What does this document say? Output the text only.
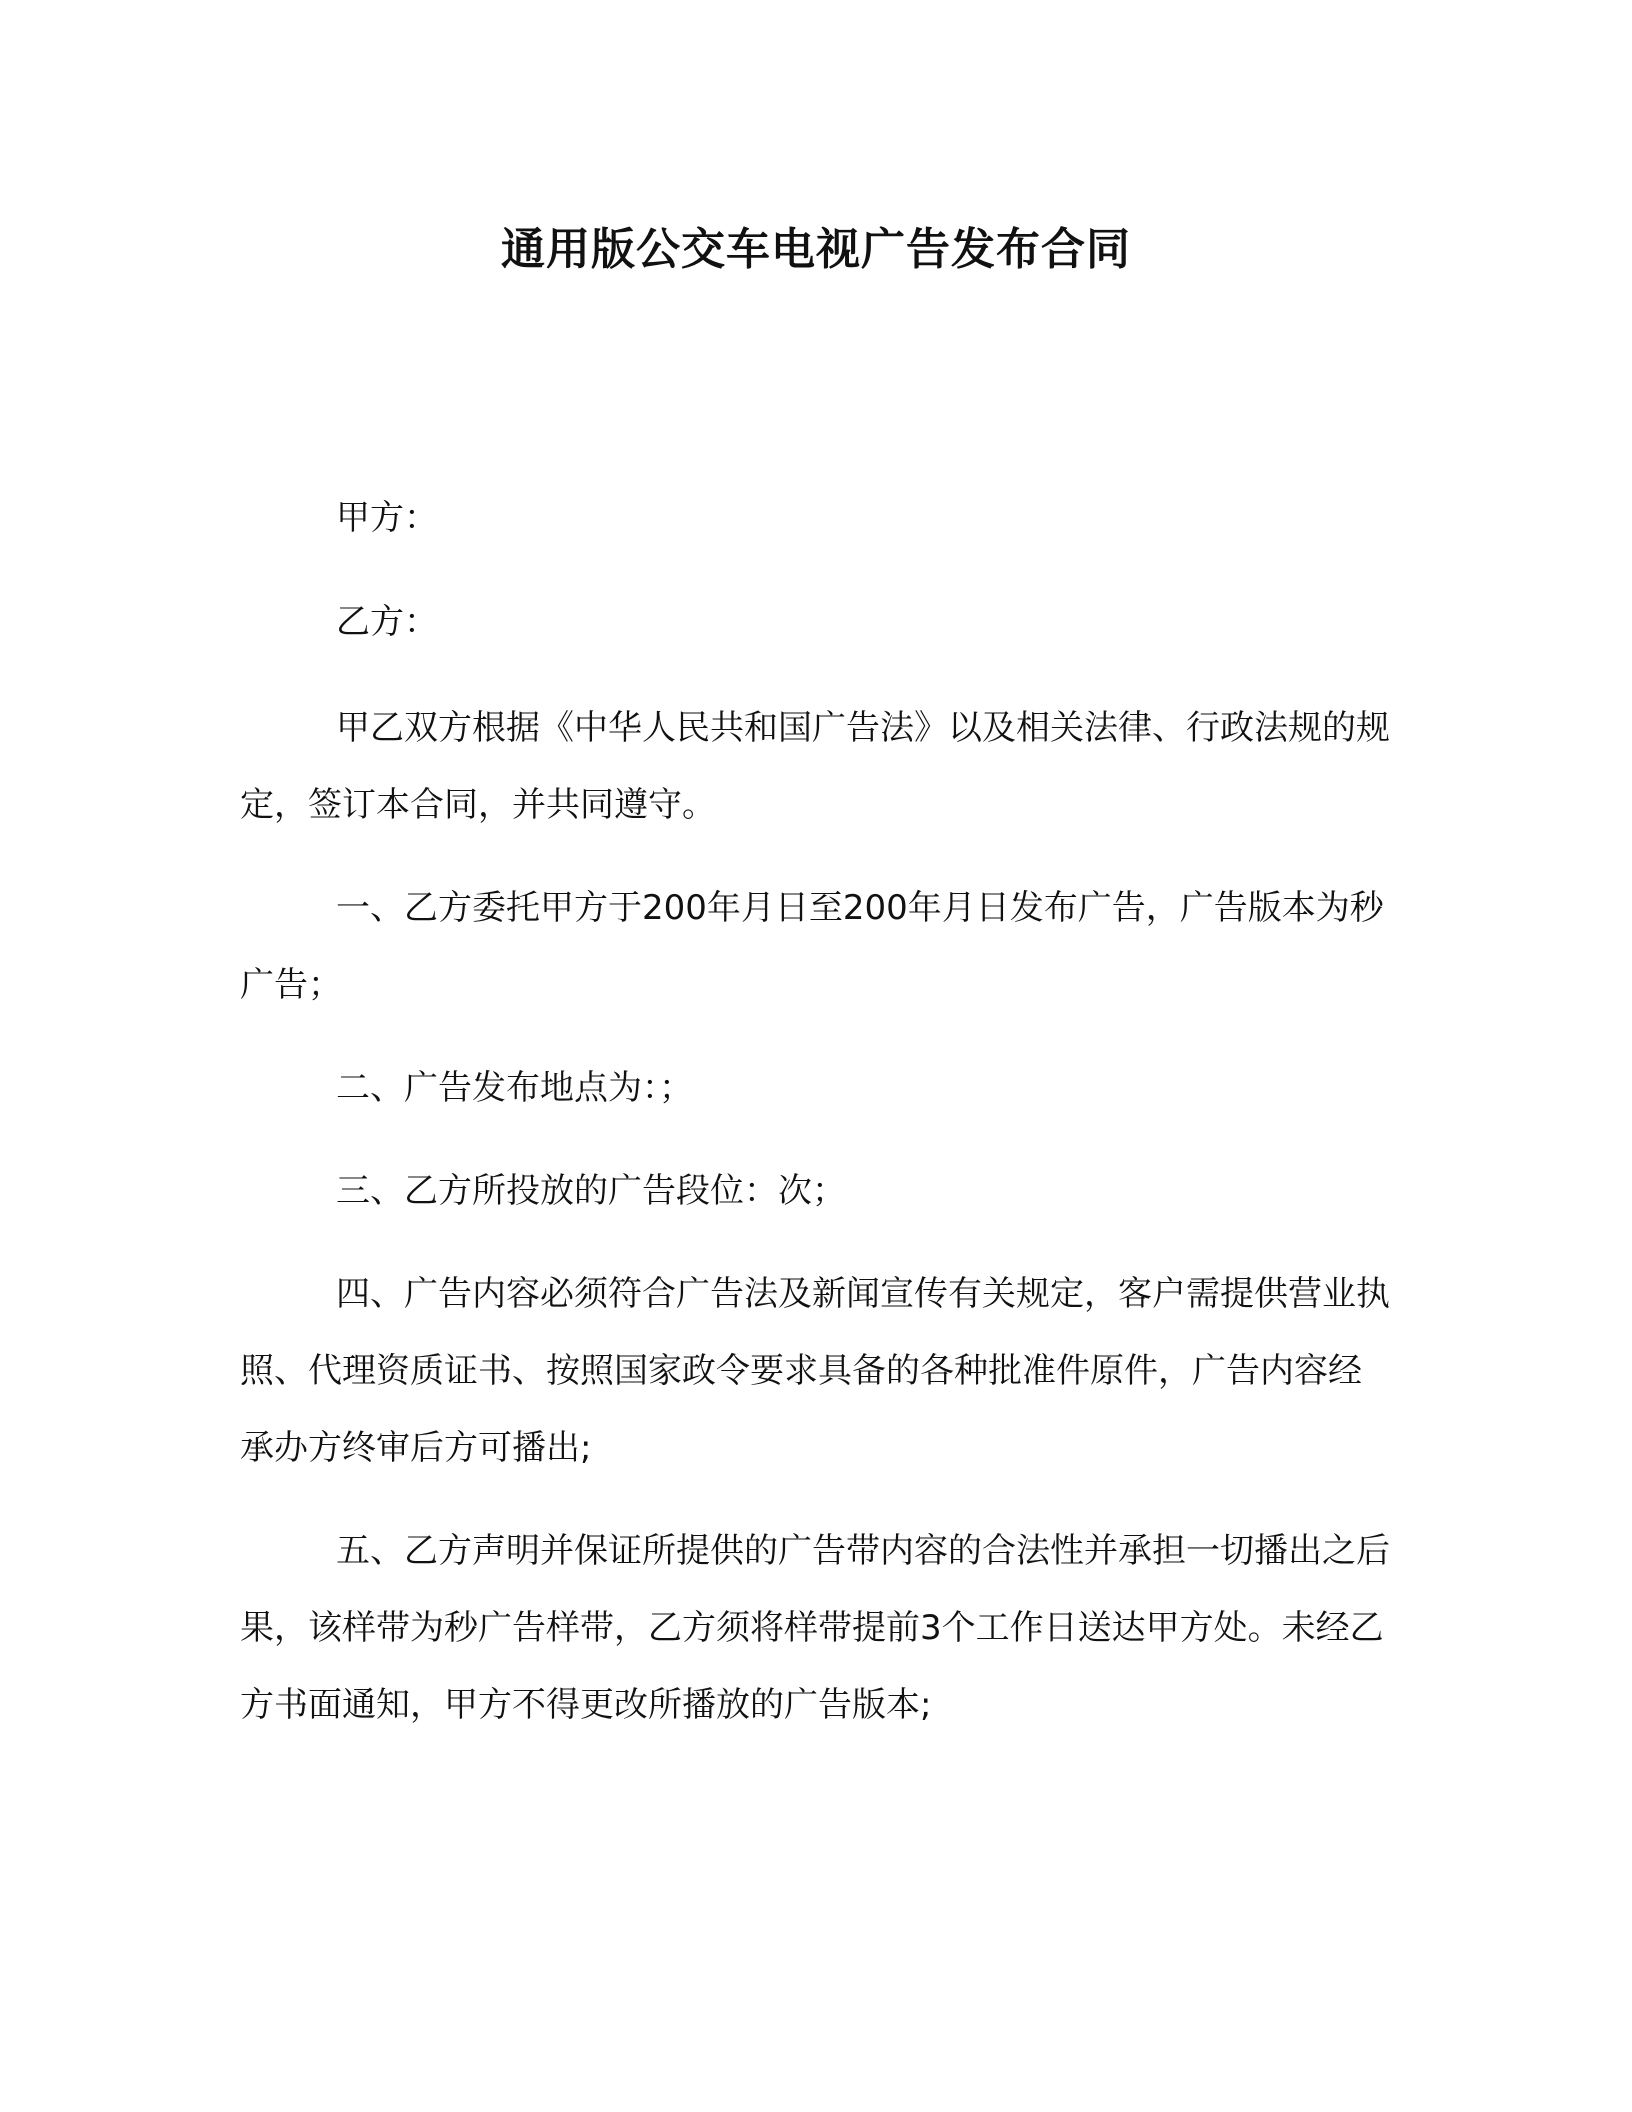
通用版公交车电视广告发布合同
甲方：
乙方：

甲乙双方根据《中华人民共和国广告法》以及相关法律、行政法规的规定，签订本合同，并共同遵守。

一、乙方委托甲方于200年月日至200年月日发布广告，广告版本为秒广告；

二、广告发布地点为：；

三、乙方所投放的广告段位：次；

四、广告内容必须符合广告法及新闻宣传有关规定，客户需提供营业执照、代理资质证书、按照国家政令要求具备的各种批准件原件，广告内容经承办方终审后方可播出;

五、乙方声明并保证所提供的广告带内容的合法性并承担一切播出之后果，该样带为秒广告样带，乙方须将样带提前3个工作日送达甲方处。未经乙方书面通知，甲方不得更改所播放的广告版本;
